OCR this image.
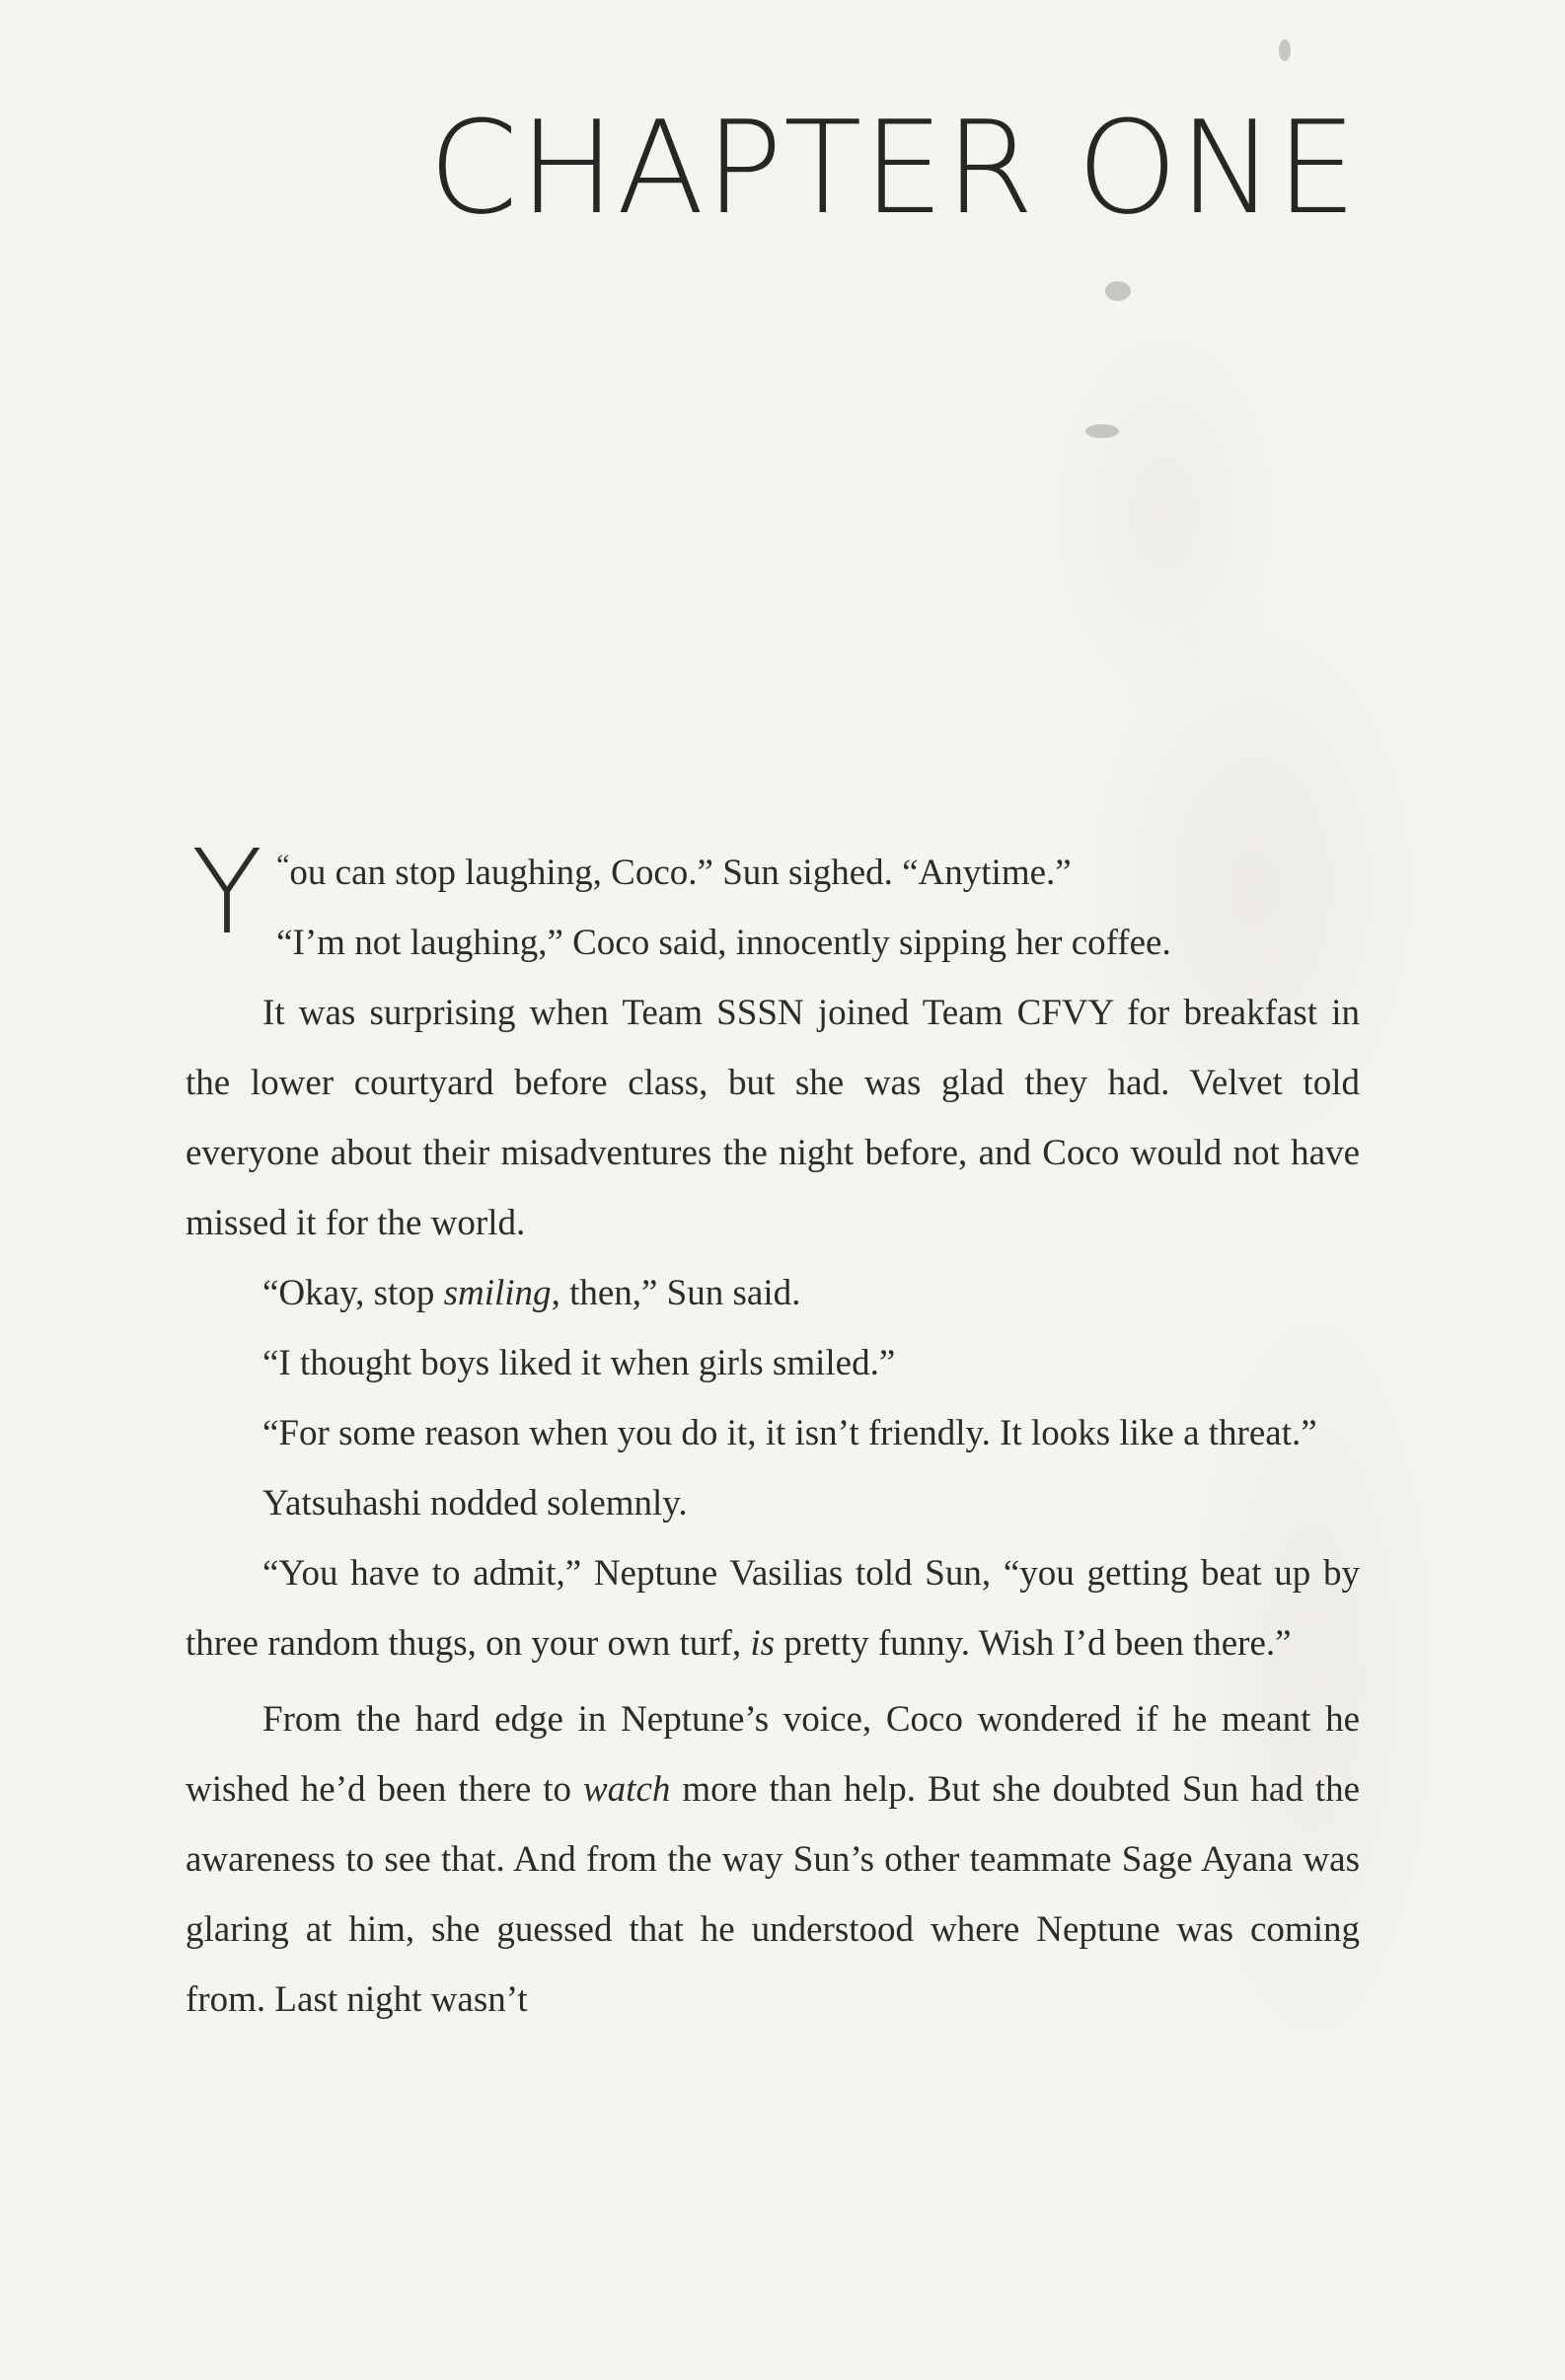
CHAPTER ONE

“
Y ou can stop laughing, Coco.” Sun sighed. “Anytime.”
“I’m not laughing,” Coco said, innocently sipping her coffee.

It was surprising when Team SSSN joined Team CFVY for breakfast in the lower courtyard before class, but she was glad they had. Velvet told everyone about their misadventures the night before, and Coco would not have missed it for the world.

“Okay, stop smiling, then,” Sun said.

“I thought boys liked it when girls smiled.”

“For some reason when you do it, it isn’t friendly. It looks like a threat.”

Yatsuhashi nodded solemnly.

“You have to admit,” Neptune Vasilias told Sun, “you getting beat up by three random thugs, on your own turf, is pretty funny. Wish I’d been there.”

From the hard edge in Neptune’s voice, Coco wondered if he meant he wished he’d been there to watch more than help. But she doubted Sun had the awareness to see that. And from the way Sun’s other teammate Sage Ayana was glaring at him, she guessed that he understood where Neptune was coming from. Last night wasn’t
